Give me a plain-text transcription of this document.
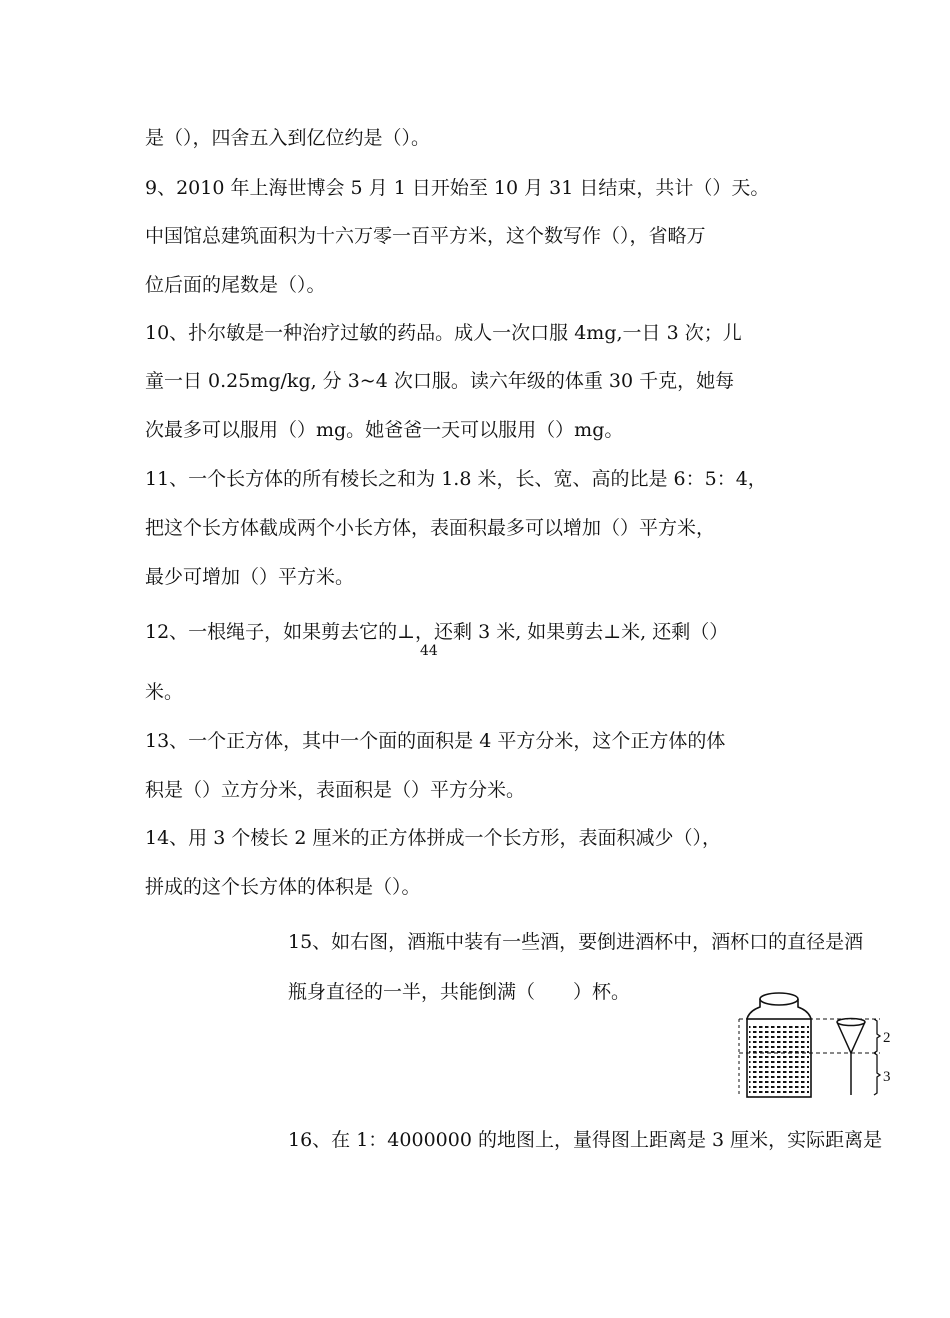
是（），四舍五入到亿位约是（）。
9、2010 年上海世博会 5 月 1 日开始至 10 月 31 日结束，共计（）天。
中国馆总建筑面积为十六万零一百平方米，这个数写作（），省略万
位后面的尾数是（）。
10、扑尔敏是一种治疗过敏的药品。成人一次口服 4mg,一日 3 次；儿
童一日 0.25mg/kg, 分 3~4 次口服。读六年级的体重 30 千克，她每
次最多可以服用（）mg。她爸爸一天可以服用（）mg。
11、一个长方体的所有棱长之和为 1.8 米，长、宽、高的比是 6：5：4，
把这个长方体截成两个小长方体，表面积最多可以增加（）平方米，
最少可增加（）平方米。
12、一根绳子，如果剪去它的⊥，还剩 3 米, 如果剪去⊥米, 还剩（）
44
米。
13、一个正方体，其中一个面的面积是 4 平方分米，这个正方体的体
积是（）立方分米，表面积是（）平方分米。
14、用 3 个棱长 2 厘米的正方体拼成一个长方形，表面积减少（），
拼成的这个长方体的体积是（）。
15、如右图，酒瓶中装有一些酒，要倒进酒杯中，酒杯口的直径是酒
瓶身直径的一半，共能倒满（　　）杯。
16、在 1：4000000 的地图上，量得图上距离是 3 厘米，实际距离是
2
3
